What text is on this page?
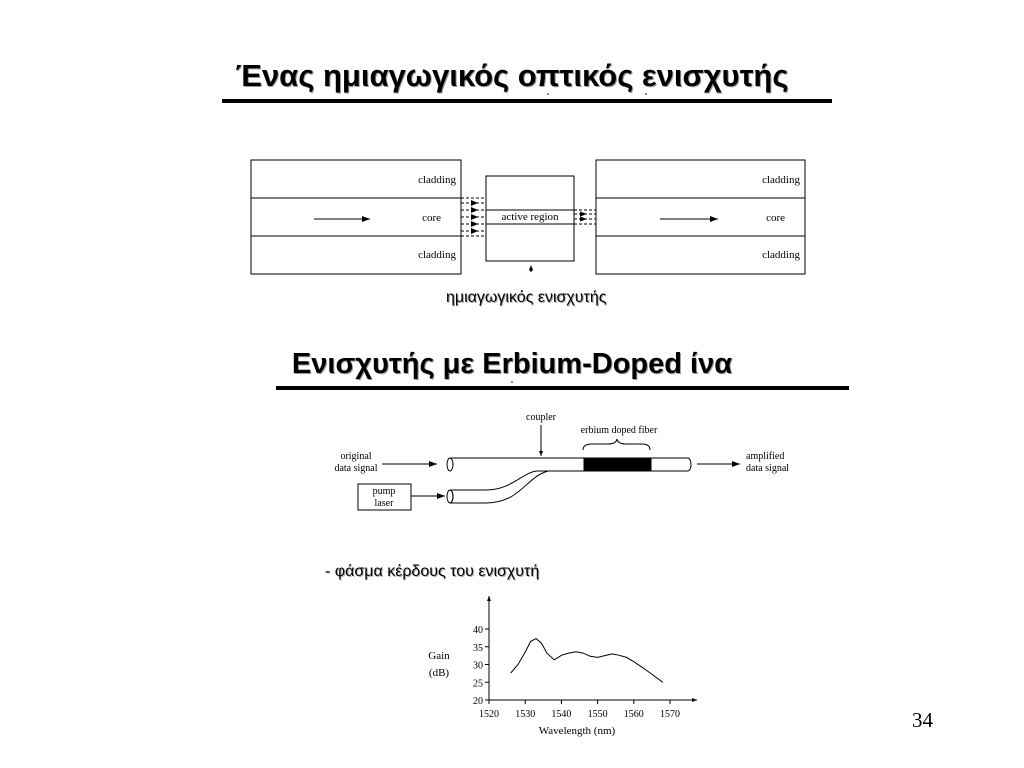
Ένας ημιαγωγικός οπτικός ενισχυτής
ημιαγωγικός ενισχυτής
Ενισχυτής με Erbium-Doped ίνα
- φάσμα κέρδους του ενισχυτή
34
cladding
core
cladding
active region
cladding
core
cladding
coupler
erbium doped fiber
original
data signal
amplified
data signal
pump
laser
1520 1530 1540 1550 1560 1570
20
25
30
35
40
Gain
(dB)
Wavelength (nm)
